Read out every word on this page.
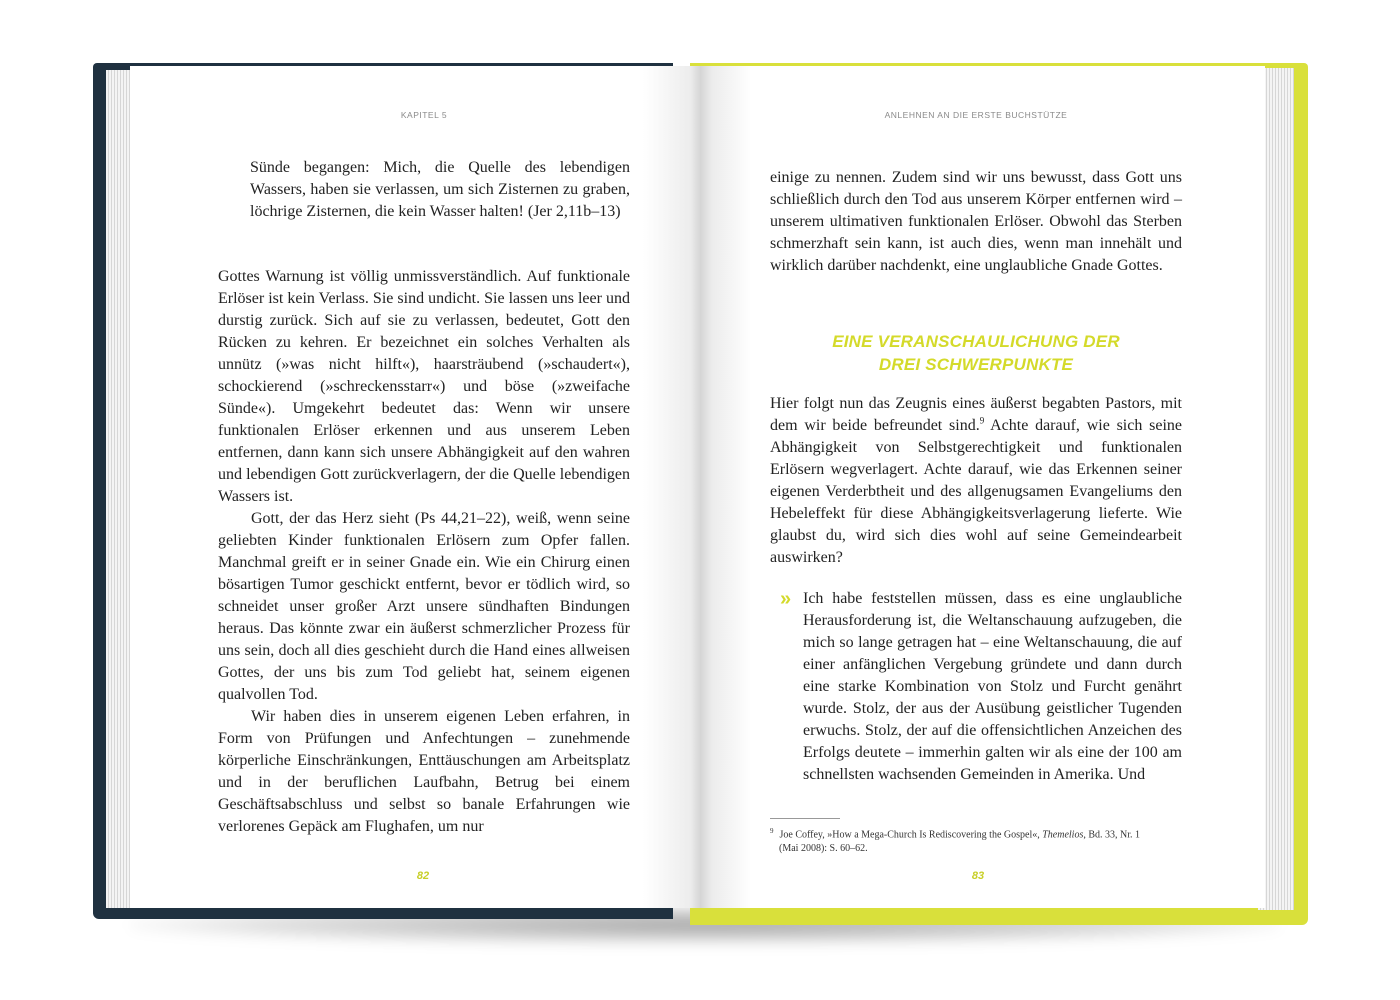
KAPITEL 5	ANLEHNEN AN DIE ERSTE BUCHSTÜTZE

Sünde begangen: Mich, die Quelle des lebendigen Wassers, haben sie verlassen, um sich Zisternen zu graben, löchrige Zisternen, die kein Wasser halten! (Jer 2,11b–13)

Gottes Warnung ist völlig unmissverständlich. Auf funktionale Erlöser ist kein Verlass. Sie sind undicht. Sie lassen uns leer und durstig zurück. Sich auf sie zu verlassen, bedeutet, Gott den Rücken zu kehren. Er bezeichnet ein solches Verhalten als unnütz (»was nicht hilft«), haarsträubend (»schaudert«), schockierend (»schreckensstarr«) und böse (»zweifache Sünde«). Umgekehrt bedeutet das: Wenn wir unsere funktionalen Erlöser erkennen und aus unserem Leben entfernen, dann kann sich unsere Abhängigkeit auf den wahren und lebendigen Gott zurückverlagern, der die Quelle lebendigen Wassers ist.

Gott, der das Herz sieht (Ps 44,21–22), weiß, wenn seine geliebten Kinder funktionalen Erlösern zum Opfer fallen. Manchmal greift er in seiner Gnade ein. Wie ein Chirurg einen bösartigen Tumor geschickt entfernt, bevor er tödlich wird, so schneidet unser großer Arzt unsere sündhaften Bindungen heraus. Das könnte zwar ein äußerst schmerzlicher Prozess für uns sein, doch all dies geschieht durch die Hand eines allweisen Gottes, der uns bis zum Tod geliebt hat, seinem eigenen qualvollen Tod.

Wir haben dies in unserem eigenen Leben erfahren, in Form von Prüfungen und Anfechtungen – zunehmende körperliche Einschränkungen, Enttäuschungen am Arbeitsplatz und in der beruflichen Laufbahn, Betrug bei einem Geschäftsabschluss und selbst so banale Erfahrungen wie verlorenes Gepäck am Flughafen, um nur

82

einige zu nennen. Zudem sind wir uns bewusst, dass Gott uns schließlich durch den Tod aus unserem Körper entfernen wird – unserem ultimativen funktionalen Erlöser. Obwohl das Sterben schmerzhaft sein kann, ist auch dies, wenn man innehält und wirklich darüber nachdenkt, eine unglaubliche Gnade Gottes.

EINE VERANSCHAULICHUNG DER
DREI SCHWERPUNKTE

Hier folgt nun das Zeugnis eines äußerst begabten Pastors, mit dem wir beide befreundet sind.$^9$ Achte darauf, wie sich seine Abhängigkeit von Selbstgerechtigkeit und funktionalen Erlösern wegverlagert. Achte darauf, wie das Erkennen seiner eigenen Verderbtheit und des allgenugsamen Evangeliums den Hebeleffekt für diese Abhängigkeitsverlagerung lieferte. Wie glaubst du, wird sich dies wohl auf seine Gemeindearbeit auswirken?

» Ich habe feststellen müssen, dass es eine unglaubliche Herausforderung ist, die Weltanschauung aufzugeben, die mich so lange getragen hat – eine Weltanschauung, die auf einer anfänglichen Vergebung gründete und dann durch eine starke Kombination von Stolz und Furcht genährt wurde. Stolz, der aus der Ausübung geistlicher Tugenden erwuchs. Stolz, der auf die offensichtlichen Anzeichen des Erfolgs deutete – immerhin galten wir als eine der 100 am schnellsten wachsenden Gemeinden in Amerika. Und

$^9$ Joe Coffey, »How a Mega-Church Is Rediscovering the Gospel«, Themelios, Bd. 33, Nr. 1
(Mai 2008): S. 60–62.
83
